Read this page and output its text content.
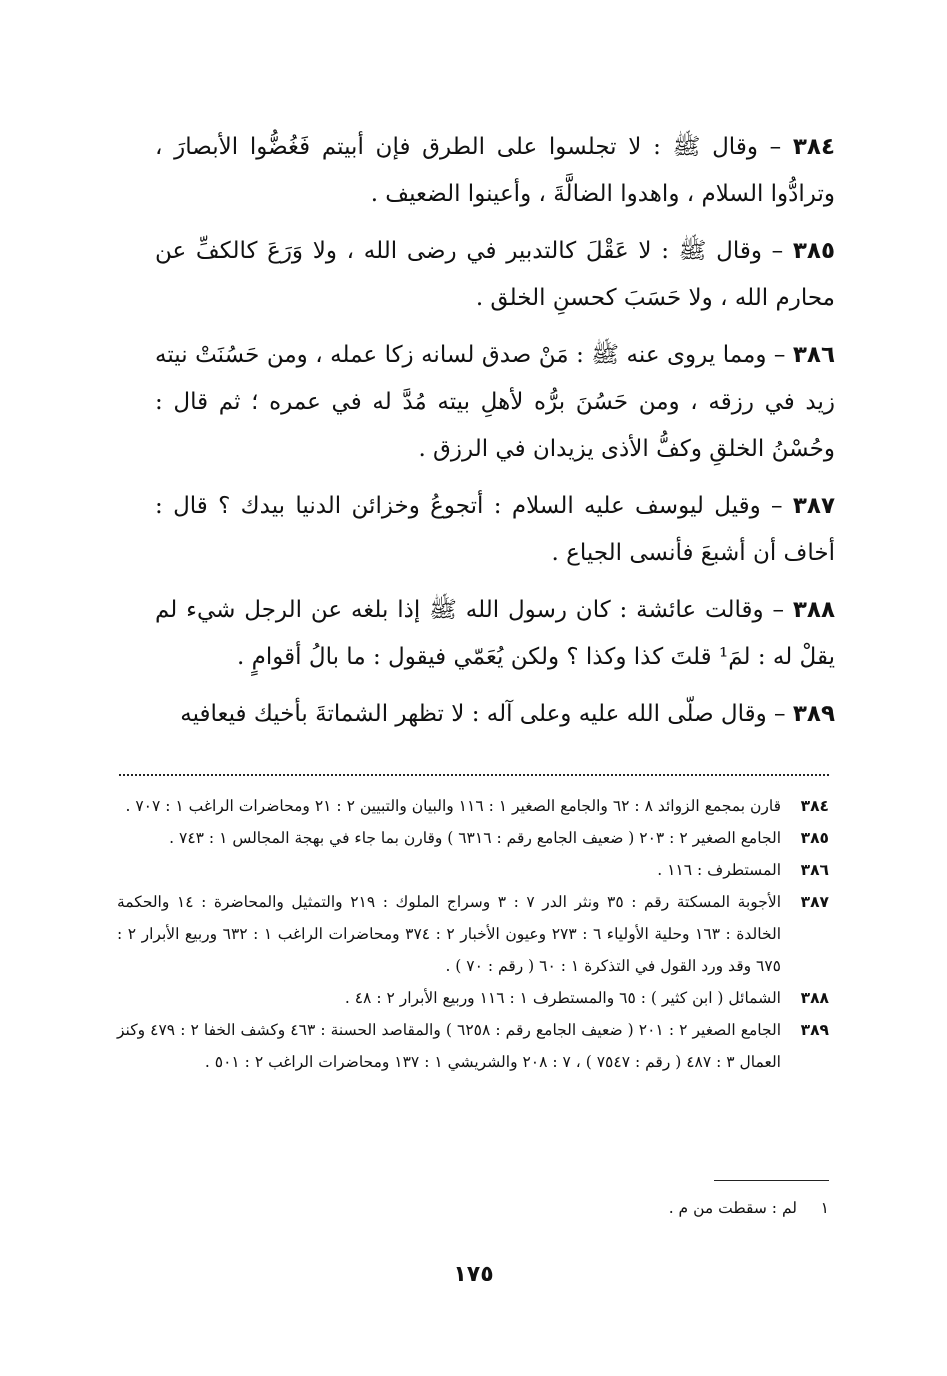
٣٨٤ – وقال ﷺ : لا تجلسوا على الطرق فإن أبيتم فَغُضُّوا الأبصارَ ، وترادُّوا السلام ، واهدوا الضالَّةَ ، وأعينوا الضعيف .

٣٨٥ – وقال ﷺ : لا عَقْلَ كالتدبير في رضى الله ، ولا وَرَعَ كالكفِّ عن محارم الله ، ولا حَسَبَ كحسنِ الخلق .

٣٨٦ – ومما يروى عنه ﷺ : مَنْ صدق لسانه زكا عمله ، ومن حَسُنَتْ نيته زيد في رزقه ، ومن حَسُنَ برُّه لأهلِ بيته مُدَّ له في عمره ؛ ثم قال : وحُسْنُ الخلقِ وكفُّ الأذى يزيدان في الرزق .

٣٨٧ – وقيل ليوسف عليه السلام : أتجوعُ وخزائن الدنيا بيدك ؟ قال : أخاف أن أشبعَ فأنسى الجياع .

٣٨٨ – وقالت عائشة : كان رسول الله ﷺ إذا بلغه عن الرجل شيء لم يقلْ له : لمَ¹ قلتَ كذا وكذا ؟ ولكن يُعَمّي فيقول : ما بالُ أقوامٍ .

٣٨٩ – وقال صلّى الله عليه وعلى آله : لا تظهر الشماتةَ بأخيك فيعافيه

٣٨٤
قارن بمجمع الزوائد ٨ : ٦٢ والجامع الصغير ١ : ١١٦ والبيان والتبيين ٢ : ٢١ ومحاضرات الراغب ١ : ٧٠٧ .
٣٨٥
الجامع الصغير ٢ : ٢٠٣ ( ضعيف الجامع رقم : ٦٣١٦ ) وقارن بما جاء في بهجة المجالس ١ : ٧٤٣ .
٣٨٦
المستطرف : ١١٦ .
٣٨٧
الأجوبة المسكتة رقم : ٣٥ ونثر الدر ٧ : ٣ وسراج الملوك : ٢١٩ والتمثيل والمحاضرة : ١٤ والحكمة الخالدة : ١٦٣ وحلية الأولياء ٦ : ٢٧٣ وعيون الأخبار ٢ : ٣٧٤ ومحاضرات الراغب ١ : ٦٣٢ وربيع الأبرار ٢ : ٦٧٥ وقد ورد القول في التذكرة ١ : ٦٠ ( رقم : ٧٠ ) .
٣٨٨
الشمائل ( ابن كثير ) : ٦٥ والمستطرف ١ : ١١٦ وربيع الأبرار ٢ : ٤٨ .
٣٨٩
الجامع الصغير ٢ : ٢٠١ ( ضعيف الجامع رقم : ٦٢٥٨ ) والمقاصد الحسنة : ٤٦٣ وكشف الخفا ٢ : ٤٧٩ وكنز العمال ٣ : ٤٨٧ ( رقم : ٧٥٤٧ ) ، ٧ : ٢٠٨ والشريشي ١ : ١٣٧ ومحاضرات الراغب ٢ : ٥٠١ .
١
لم : سقطت من م .
١٧٥
